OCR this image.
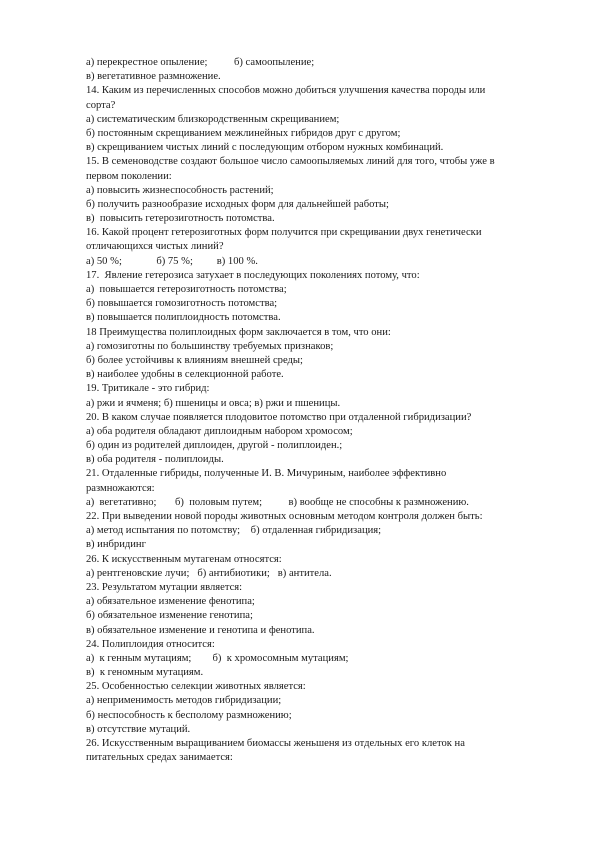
а) перекрестное опыление;          б) самоопыление;
в) вегетативное размножение.
14. Каким из перечисленных способов можно добиться улучшения качества породы или
сорта?
а) систематическим близкородственным скрещиванием;
б) постоянным скрещиванием межлинейных гибридов друг с другом;
в) скрещиванием чистых линий с последующим отбором нужных комбинаций.
15. В семеноводстве создают большое число самоопыляемых линий для того, чтобы уже в
первом поколении:
а) повысить жизнеспособность растений;
б) получить разнообразие исходных форм для дальнейшей работы;
в)  повысить гетерозиготность потомства.
16. Какой процент гетерозиготных форм получится при скрещивании двух генетически
отличающихся чистых линий?
а) 50 %;             б) 75 %;         в) 100 %.
17.  Явление гетерозиса затухает в последующих поколениях потому, что:
а)  повышается гетерозиготность потомства;
б) повышается гомозиготность потомства;
в) повышается полиплоидность потомства.
18 Преимущества полиплоидных форм заключается в том, что они:
а) гомозиготны по большинству требуемых признаков;
б) более устойчивы к влияниям внешней среды;
в) наиболее удобны в селекционной работе.
19. Тритикале - это гибрид:
а) ржи и ячменя; б) пшеницы и овса; в) ржи и пшеницы.
20. В каком случае появляется плодовитое потомство при отдаленной гибридизации?
а) оба родителя обладают диплоидным набором хромосом;
б) один из родителей диплоиден, другой - полиплоиден.;
в) оба родителя - полиплоиды.
21. Отдаленные гибриды, полученные И. В. Мичуриным, наиболее эффективно
размножаются:
а)  вегетативно;       б)  половым путем;          в) вообще не способны к размножению.
22. При выведении новой породы животных основным методом контроля должен быть:
а) метод испытания по потомству;    б) отдаленная гибридизация;
в) инбридинг
26. К искусственным мутагенам относятся:
а) рентгеновские лучи;   б) антибиотики;   в) антитела.
23. Результатом мутации является:
а) обязательное изменение фенотипа;
б) обязательное изменение генотипа;
в) обязательное изменение и генотипа и фенотипа.
24. Полиплоидия относится:
а)  к генным мутациям;        б)  к хромосомным мутациям;
в)  к геномным мутациям.
25. Особенностью селекции животных является:
а) неприменимость методов гибридизации;
б) неспособность к бесполому размножению;
в) отсутствие мутаций.
26. Искусственным выращиванием биомассы женьшеня из отдельных его клеток на
питательных средах занимается:
